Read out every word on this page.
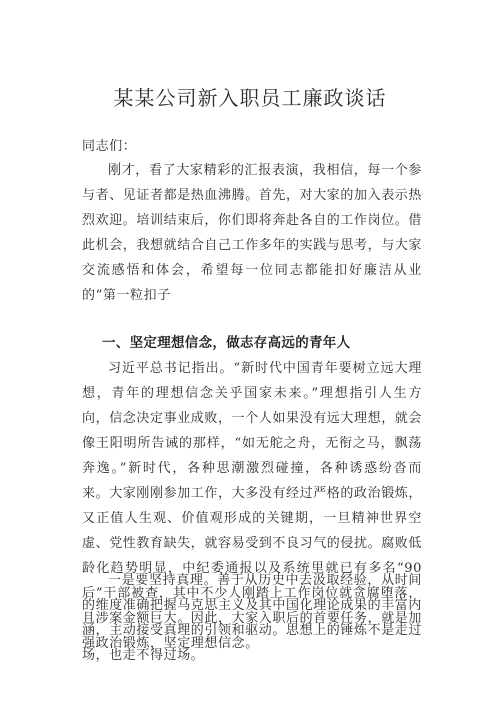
某某公司新入职员工廉政谈话
同志们：

刚才，看了大家精彩的汇报表演，我相信，每一个参与者、见证者都是热血沸腾。首先，对大家的加入表示热烈欢迎。培训结束后，你们即将奔赴各自的工作岗位。借此机会，我想就结合自己工作多年的实践与思考，与大家交流感悟和体会，希望每一位同志都能扣好廉洁从业的“第一粒扣子

一、坚定理想信念，做志存高远的青年人

习近平总书记指出。“新时代中国青年要树立远大理想，青年的理想信念关乎国家未来。”理想指引人生方向，信念决定事业成败，一个人如果没有远大理想，就会像王阳明所告诫的那样，“如无舵之舟，无衔之马，飘荡奔逸。”新时代，各种思潮激烈碰撞，各种诱惑纷沓而来。大家刚刚参加工作，大多没有经过严格的政治锻炼，又正值人生观、价值观形成的关键期，一旦精神世界空虚、党性教育缺失，就容易受到不良习气的侵扰。腐败低龄化趋势明显，中纪委通报以及系统里就已有多名“90后”干部被查，其中不少人刚踏上工作岗位就贪腐堕落，且涉案金额巨大。因此，大家入职后的首要任务，就是加强政治锻炼，坚定理想信念。

一是要坚持真理。善于从历史中去汲取经验，从时间的维度准确把握马克思主义及其中国化理论成果的丰富内涵，主动接受真理的引领和驱动。思想上的锤炼不是走过场，也走不得过场。
